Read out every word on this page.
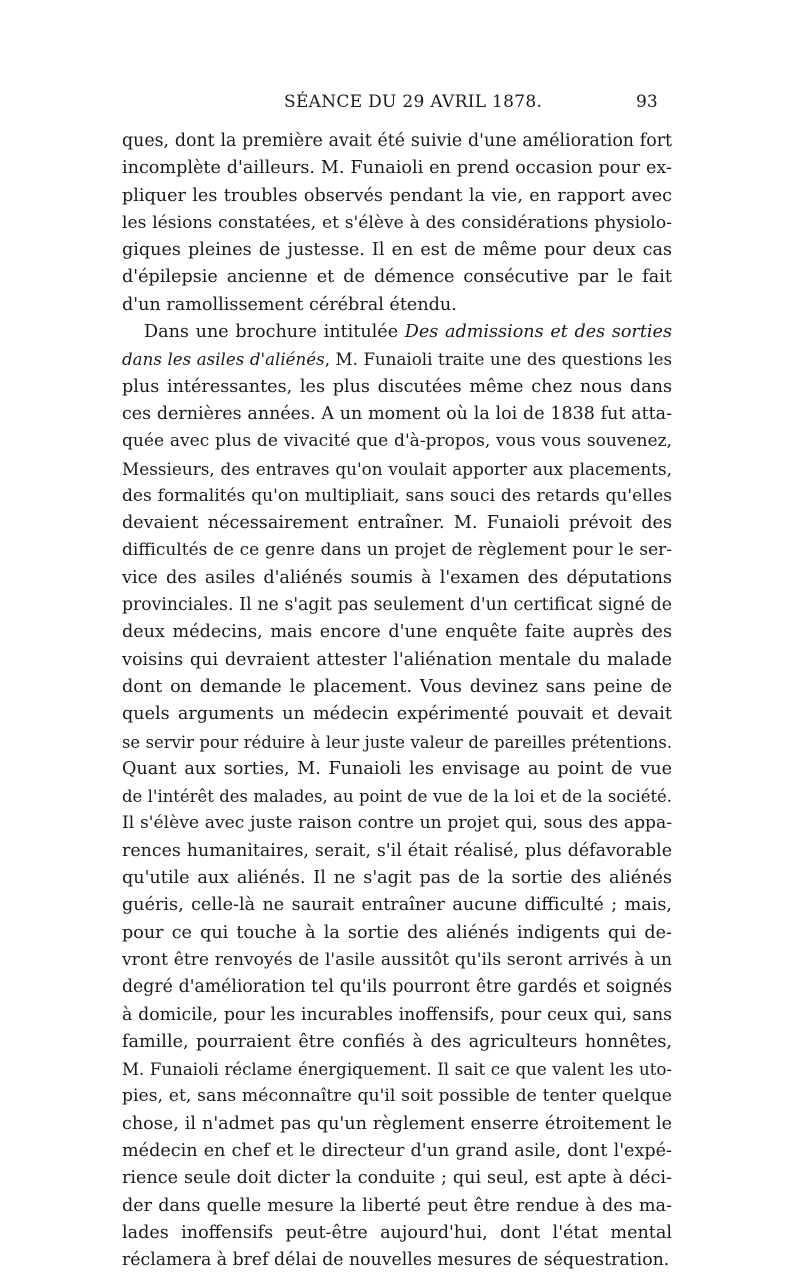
SÉANCE DU 29 AVRIL 1878.	93
ques, dont la première avait été suivie d'une amélioration fort
incomplète d'ailleurs. M. Funaioli en prend occasion pour ex-
pliquer les troubles observés pendant la vie, en rapport avec
les lésions constatées, et s'élève à des considérations physiolo-
giques pleines de justesse. Il en est de même pour deux cas
d'épilepsie ancienne et de démence consécutive par le fait
d'un ramollissement cérébral étendu.
Dans une brochure intitulée Des admissions et des sorties
dans les asiles d'aliénés, M. Funaioli traite une des questions les
plus intéressantes, les plus discutées même chez nous dans
ces dernières années. A un moment où la loi de 1838 fut atta-
quée avec plus de vivacité que d'à-propos, vous vous souvenez,
Messieurs, des entraves qu'on voulait apporter aux placements,
des formalités qu'on multipliait, sans souci des retards qu'elles
devaient nécessairement entraîner. M. Funaioli prévoit des
difficultés de ce genre dans un projet de règlement pour le ser-
vice des asiles d'aliénés soumis à l'examen des députations
provinciales. Il ne s'agit pas seulement d'un certificat signé de
deux médecins, mais encore d'une enquête faite auprès des
voisins qui devraient attester l'aliénation mentale du malade
dont on demande le placement. Vous devinez sans peine de
quels arguments un médecin expérimenté pouvait et devait
se servir pour réduire à leur juste valeur de pareilles prétentions.
Quant aux sorties, M. Funaioli les envisage au point de vue
de l'intérêt des malades, au point de vue de la loi et de la société.
Il s'élève avec juste raison contre un projet qui, sous des appa-
rences humanitaires, serait, s'il était réalisé, plus défavorable
qu'utile aux aliénés. Il ne s'agit pas de la sortie des aliénés
guéris, celle-là ne saurait entraîner aucune difficulté ; mais,
pour ce qui touche à la sortie des aliénés indigents qui de-
vront être renvoyés de l'asile aussitôt qu'ils seront arrivés à un
degré d'amélioration tel qu'ils pourront être gardés et soignés
à domicile, pour les incurables inoffensifs, pour ceux qui, sans
famille, pourraient être confiés à des agriculteurs honnêtes,
M. Funaioli réclame énergiquement. Il sait ce que valent les uto-
pies, et, sans méconnaître qu'il soit possible de tenter quelque
chose, il n'admet pas qu'un règlement enserre étroitement le
médecin en chef et le directeur d'un grand asile, dont l'expé-
rience seule doit dicter la conduite ; qui seul, est apte à déci-
der dans quelle mesure la liberté peut être rendue à des ma-
lades inoffensifs peut-être aujourd'hui, dont l'état mental
réclamera à bref délai de nouvelles mesures de séquestration.
